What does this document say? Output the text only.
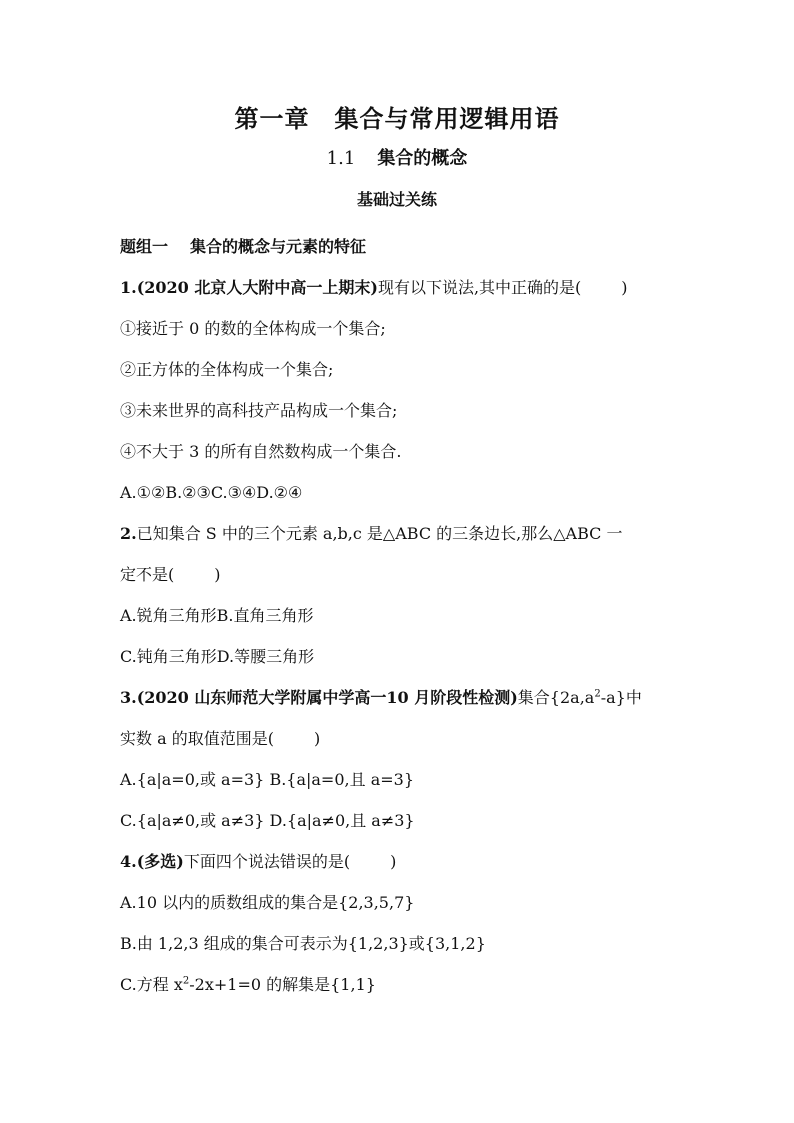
第一章　集合与常用逻辑用语
1.1 集合的概念
基础过关练
题组一 集合的概念与元素的特征
1.(2020 北京人大附中高一上期末)现有以下说法,其中正确的是(	)
①接近于 0 的数的全体构成一个集合;
②正方体的全体构成一个集合;
③未来世界的高科技产品构成一个集合;
④不大于 3 的所有自然数构成一个集合.
A.①②B.②③C.③④D.②④
2.已知集合 S 中的三个元素 a,b,c 是△ABC 的三条边长,那么△ABC 一
定不是(	)
A.锐角三角形B.直角三角形
C.钝角三角形D.等腰三角形
3.(2020 山东师范大学附属中学高一10 月阶段性检测)集合$\{2a,a^2-a\}$中
实数 a 的取值范围是(	)
A.{a|a=0,或 a=3} B.{a|a=0,且 a=3}
C.{a|a≠0,或 a≠3} D.{a|a≠0,且 a≠3}
4.(多选)下面四个说法错误的是(	)
A.10 以内的质数组成的集合是{2,3,5,7}
B.由 1,2,3 组成的集合可表示为{1,2,3}或{3,1,2}
C.方程 $x^2-2x+1=0$ 的解集是{1,1}
